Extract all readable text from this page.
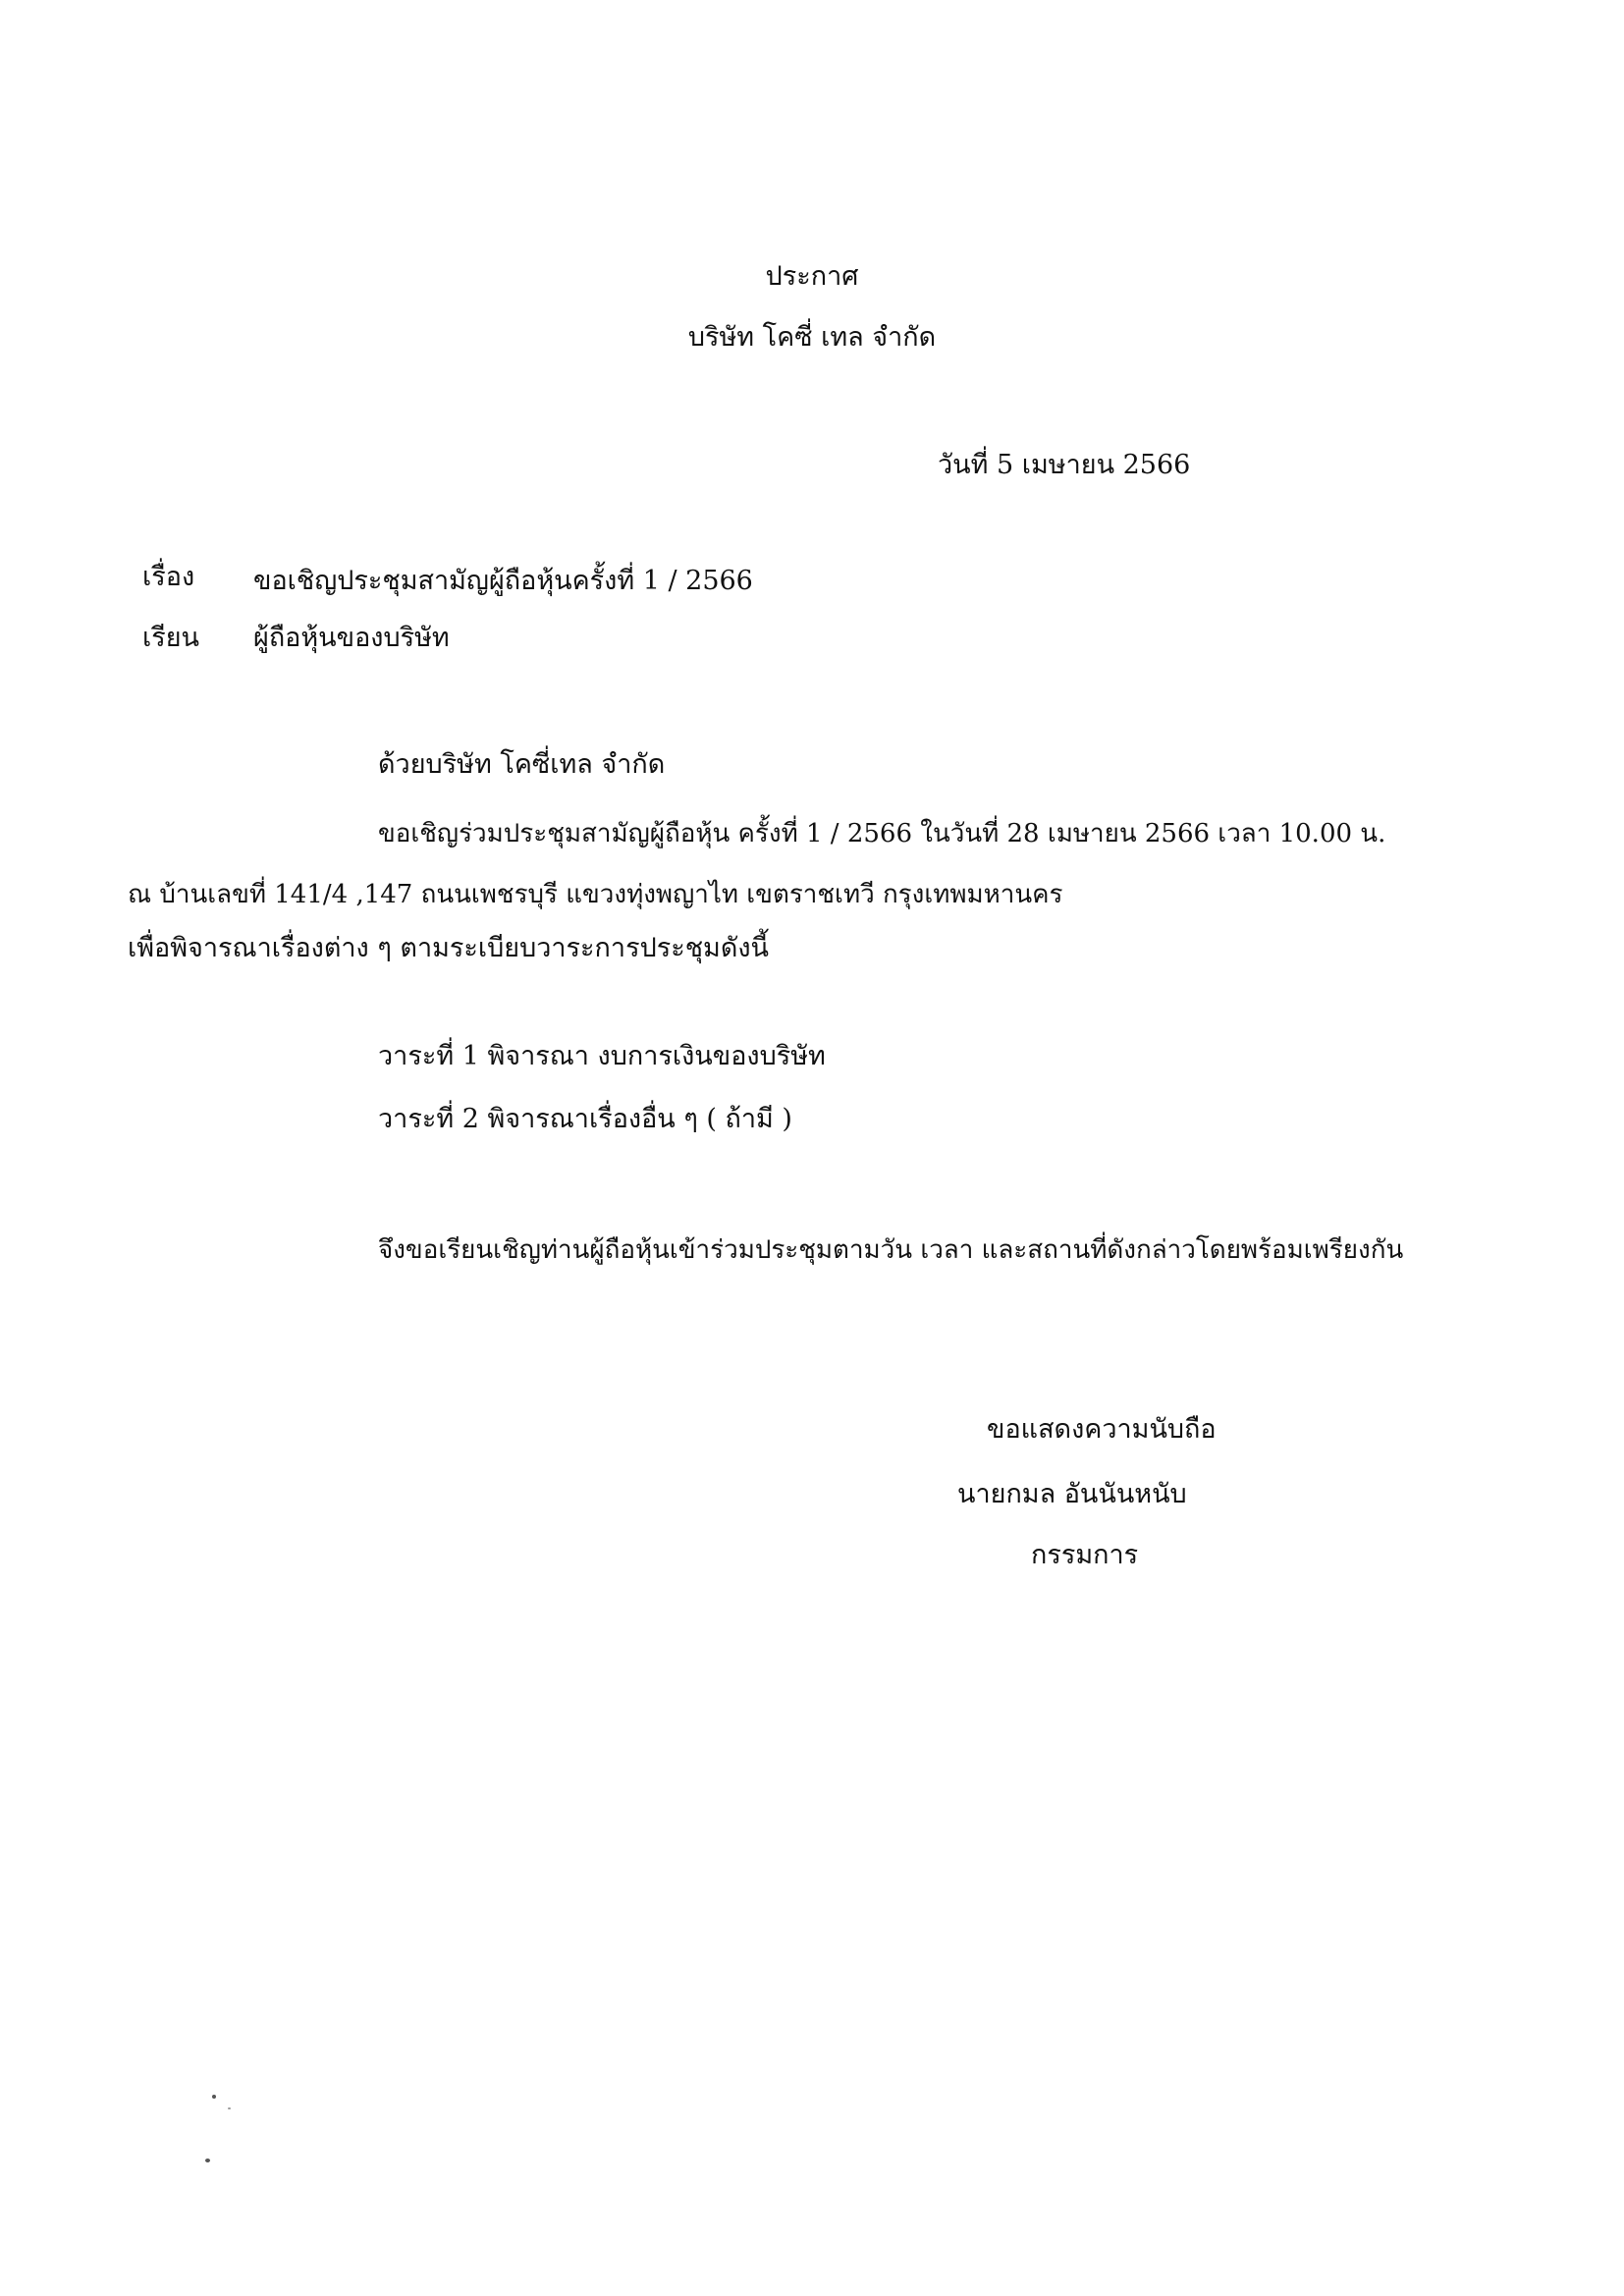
ประกาศ
บริษัท โคซี่ เทล จำกัด
วันที่ 5 เมษายน 2566
เรื่อง ขอเชิญประชุมสามัญผู้ถือหุ้นครั้งที่ 1 / 2566
เรียน ผู้ถือหุ้นของบริษัท
ด้วยบริษัท โคซี่เทล จำกัด
ขอเชิญร่วมประชุมสามัญผู้ถือหุ้น ครั้งที่ 1 / 2566 ในวันที่ 28 เมษายน 2566 เวลา 10.00 น.
ณ บ้านเลขที่ 141/4 ,147 ถนนเพชรบุรี แขวงทุ่งพญาไท เขตราชเทวี กรุงเทพมหานคร
เพื่อพิจารณาเรื่องต่าง ๆ ตามระเบียบวาระการประชุมดังนี้
วาระที่ 1 พิจารณา งบการเงินของบริษัท
วาระที่ 2 พิจารณาเรื่องอื่น ๆ ( ถ้ามี )
จึงขอเรียนเชิญท่านผู้ถือหุ้นเข้าร่วมประชุมตามวัน เวลา และสถานที่ดังกล่าวโดยพร้อมเพรียงกัน
ขอแสดงความนับถือ
นายกมล อันนันหนับ
กรรมการ
